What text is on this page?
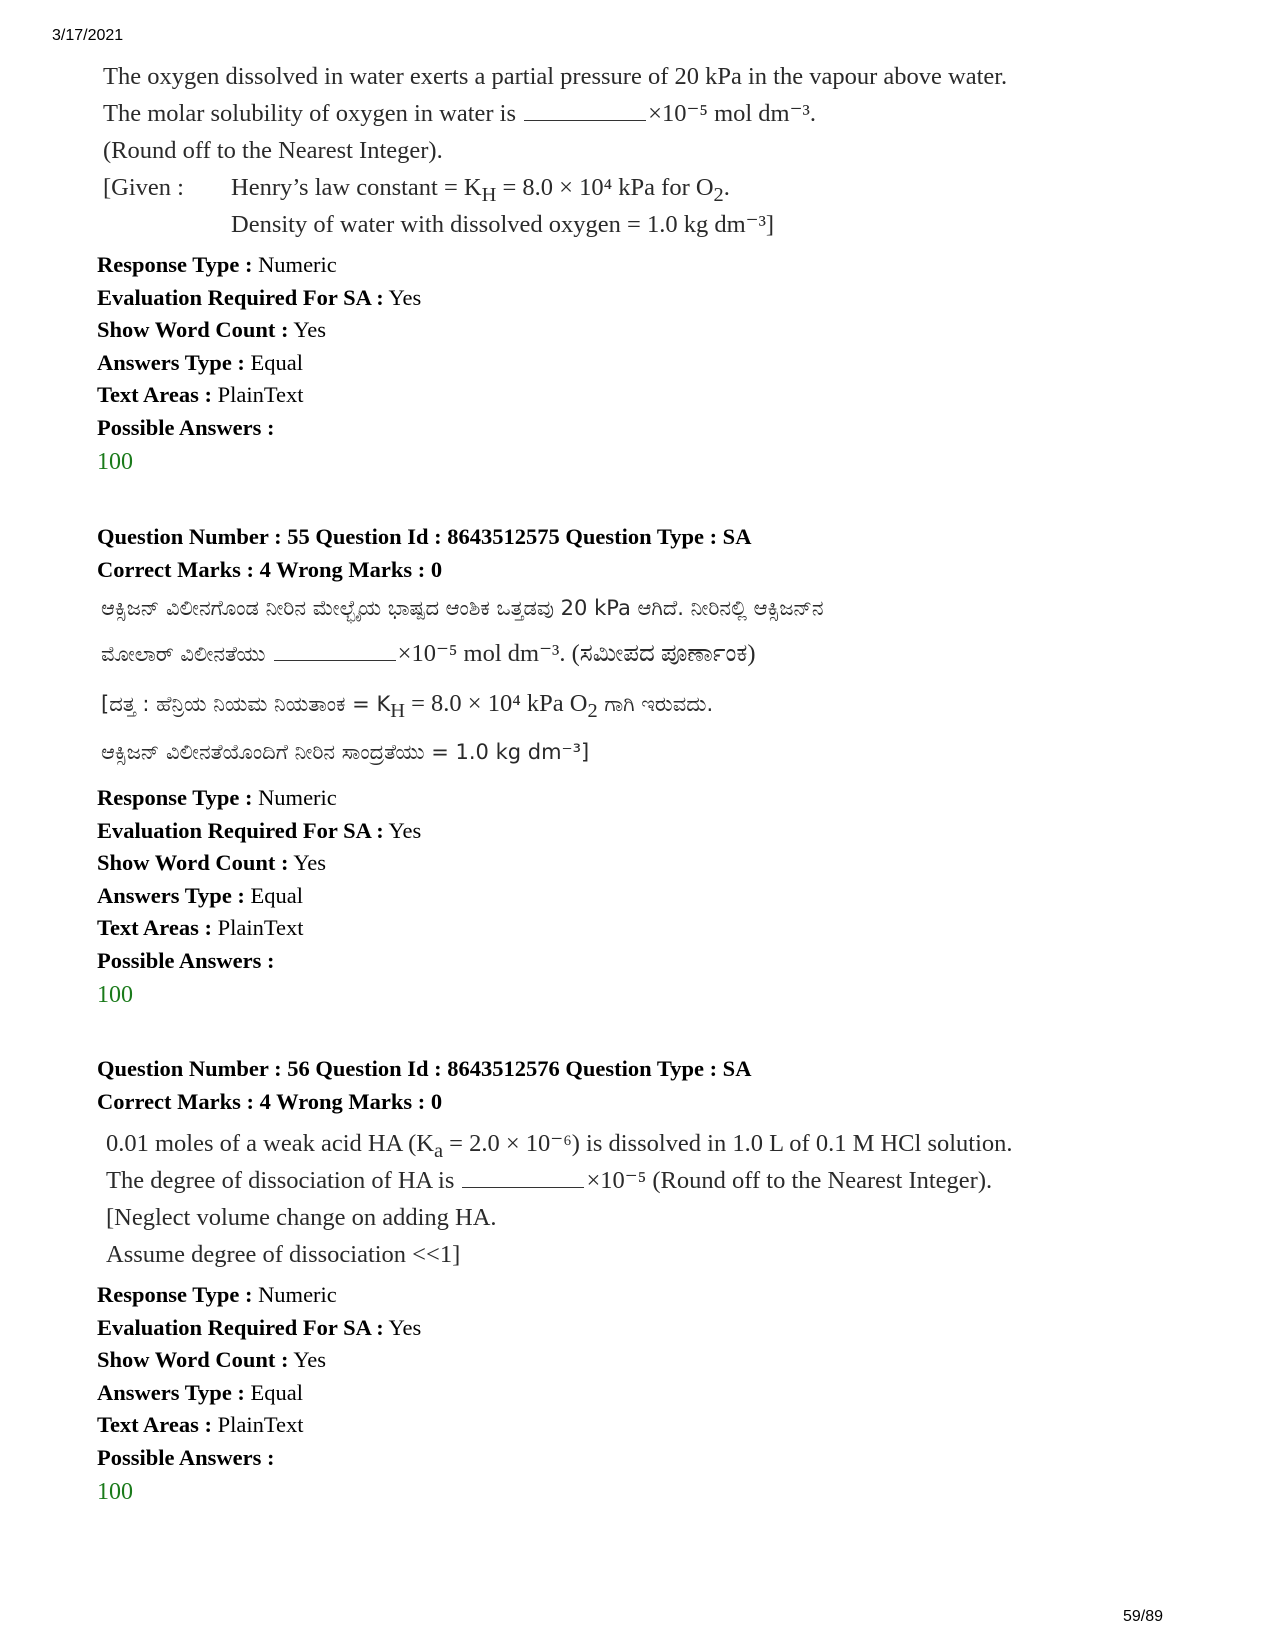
3/17/2021
The oxygen dissolved in water exerts a partial pressure of 20 kPa in the vapour above water.
The molar solubility of oxygen in water is	×10⁻⁵ mol dm⁻³.
(Round off to the Nearest Integer).
[Given : Henry’s law constant = $K_H = 8.0 \times 10^4$ kPa for $O_2$.
Density of water with dissolved oxygen = 1.0 kg dm⁻³]
Response Type : Numeric
Evaluation Required For SA : Yes
Show Word Count : Yes
Answers Type : Equal
Text Areas : PlainText
Possible Answers :
100
Question Number : 55 Question Id : 8643512575 Question Type : SA
Correct Marks : 4 Wrong Marks : 0
ಆಕ್ಸಿಜನ್ ವಿಲೀನಗೊಂಡ ನೀರಿನ ಮೇಲ್ಭೈಯ ಭಾಷ್ಪದ ಆಂಶಿಕ ಒತ್ತಡವು 20 kPa ಆಗಿದೆ. ನೀರಿನಲ್ಲಿ ಆಕ್ಸಿಜನ್‌ನ
ಮೋಲಾರ್ ವಿಲೀನತೆಯು	×10⁻⁵ mol dm⁻³. (ಸಮೀಪದ ಪೂರ್ಣಾಂಕ)
[ದತ್ತ : ಹೆನ್ರಿಯ ನಿಯಮ ನಿಯತಾಂಕ = $K_H = 8.0 \times 10^4$ kPa $O_2$ ಗಾಗಿ ಇರುವದು.
ಆಕ್ಸಿಜನ್ ವಿಲೀನತೆಯೊಂದಿಗೆ ನೀರಿನ ಸಾಂದ್ರತೆಯು = 1.0 kg dm⁻³]
Response Type : Numeric
Evaluation Required For SA : Yes
Show Word Count : Yes
Answers Type : Equal
Text Areas : PlainText
Possible Answers :
100
Question Number : 56 Question Id : 8643512576 Question Type : SA
Correct Marks : 4 Wrong Marks : 0
0.01 moles of a weak acid HA $(K_a = 2.0 \times 10^{-6})$ is dissolved in 1.0 L of 0.1 M HCl solution.
The degree of dissociation of HA is	×10⁻⁵ (Round off to the Nearest Integer).
[Neglect volume change on adding HA.
Assume degree of dissociation <<1]
Response Type : Numeric
Evaluation Required For SA : Yes
Show Word Count : Yes
Answers Type : Equal
Text Areas : PlainText
Possible Answers :
100
59/89
